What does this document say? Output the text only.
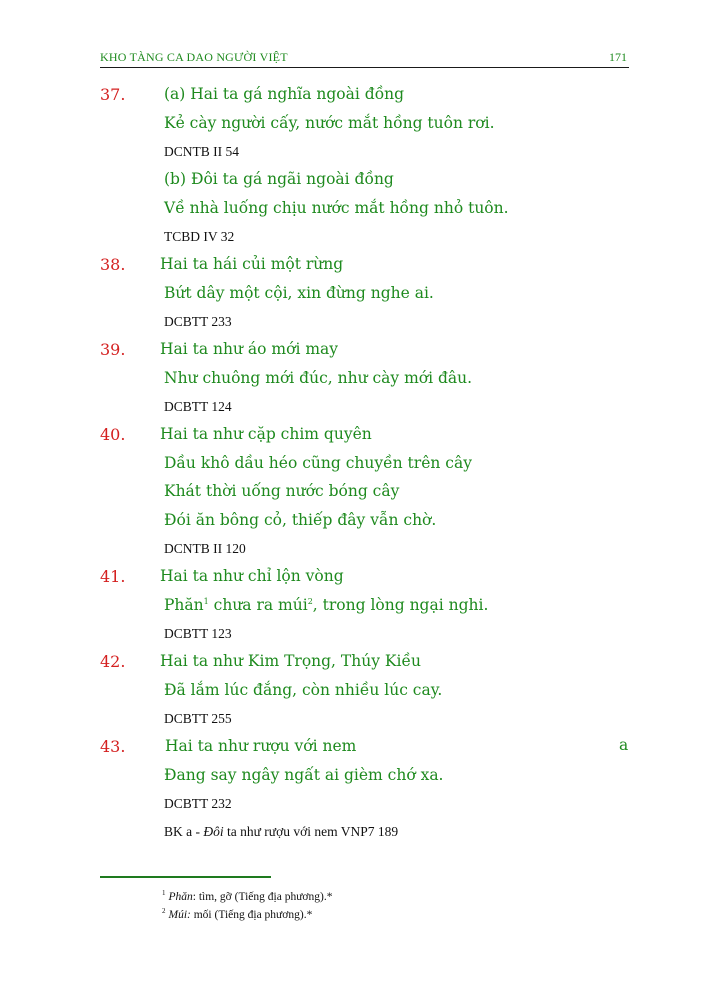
KHO TÀNG CA DAO NGƯỜI VIỆT	171
37. (a) Hai ta gá nghĩa ngoài đồng
Kẻ cày người cấy, nước mắt hồng tuôn rơi.
DCNTB II 54
(b) Đôi ta gá ngãi ngoài đồng
Về nhà luống chịu nước mắt hồng nhỏ tuôn.
TCBD IV 32
38. Hai ta hái củi một rừng
Bứt dây một cội, xin đừng nghe ai.
DCBTT 233
39. Hai ta như áo mới may
Như chuông mới đúc, như cày mới đâu.
DCBTT 124
40. Hai ta như cặp chim quyên
Dầu khô dầu héo cũng chuyền trên cây
Khát thời uống nước bóng cây
Đói ăn bông cỏ, thiếp đây vẫn chờ.
DCNTB II 120
41. Hai ta như chỉ lộn vòng
Phăn$^1$ chưa ra múi$^2$, trong lòng ngại nghi.
DCBTT 123
42. Hai ta như Kim Trọng, Thúy Kiều
Đã lắm lúc đắng, còn nhiều lúc cay.
DCBTT 255
43.	Hai ta như rượu với nem	a
Đang say ngây ngất ai gièm chớ xa.
DCBTT 232
BK a - Đôi ta như rượu với nem VNP7 189
$^1$ Phăn: tìm, gỡ (Tiếng địa phương).*
$^2$ Múi: mối (Tiếng địa phương).*
